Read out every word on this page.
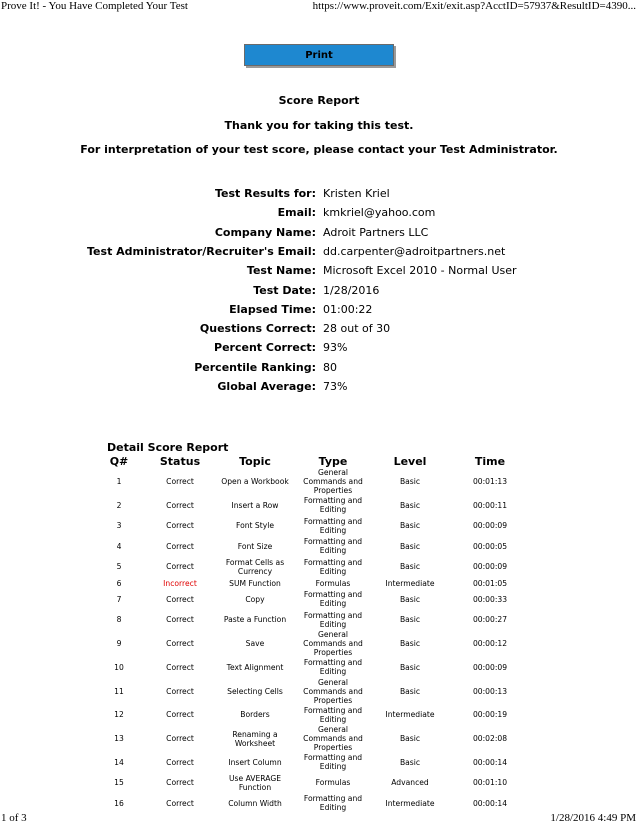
Prove It! - You Have Completed Your Test	https://www.proveit.com/Exit/exit.asp?AcctID=57937&ResultID=4390...
Print
Score Report
Thank you for taking this test.
For interpretation of your test score, please contact your Test Administrator.
Test Results for: Kristen Kriel
Email: kmkriel@yahoo.com
Company Name: Adroit Partners LLC
Test Administrator/Recruiter's Email: dd.carpenter@adroitpartners.net
Test Name: Microsoft Excel 2010 - Normal User
Test Date: 1/28/2016
Elapsed Time: 01:00:22
Questions Correct: 28 out of 30
Percent Correct: 93%
Percentile Ranking: 80
Global Average: 73%
Detail Score Report
Q#	Status	Topic	Type	Level	Time
1	Correct	Open a Workbook	General Commands and Properties	Basic	00:01:13
2	Correct	Insert a Row	Formatting and Editing	Basic	00:00:11
3	Correct	Font Style	Formatting and Editing	Basic	00:00:09
4	Correct	Font Size	Formatting and Editing	Basic	00:00:05
5	Correct	Format Cells as Currency	Formatting and Editing	Basic	00:00:09
6	Incorrect	SUM Function	Formulas	Intermediate	00:01:05
7	Correct	Copy	Formatting and Editing	Basic	00:00:33
8	Correct	Paste a Function	Formatting and Editing	Basic	00:00:27
9	Correct	Save	General Commands and Properties	Basic	00:00:12
10	Correct	Text Alignment	Formatting and Editing	Basic	00:00:09
11	Correct	Selecting Cells	General Commands and Properties	Basic	00:00:13
12	Correct	Borders	Formatting and Editing	Intermediate	00:00:19
13	Correct	Renaming a Worksheet	General Commands and Properties	Basic	00:02:08
14	Correct	Insert Column	Formatting and Editing	Basic	00:00:14
15	Correct	Use AVERAGE Function	Formulas	Advanced	00:01:10
16	Correct	Column Width	Formatting and Editing	Intermediate	00:00:14
1 of 3	1/28/2016 4:49 PM
